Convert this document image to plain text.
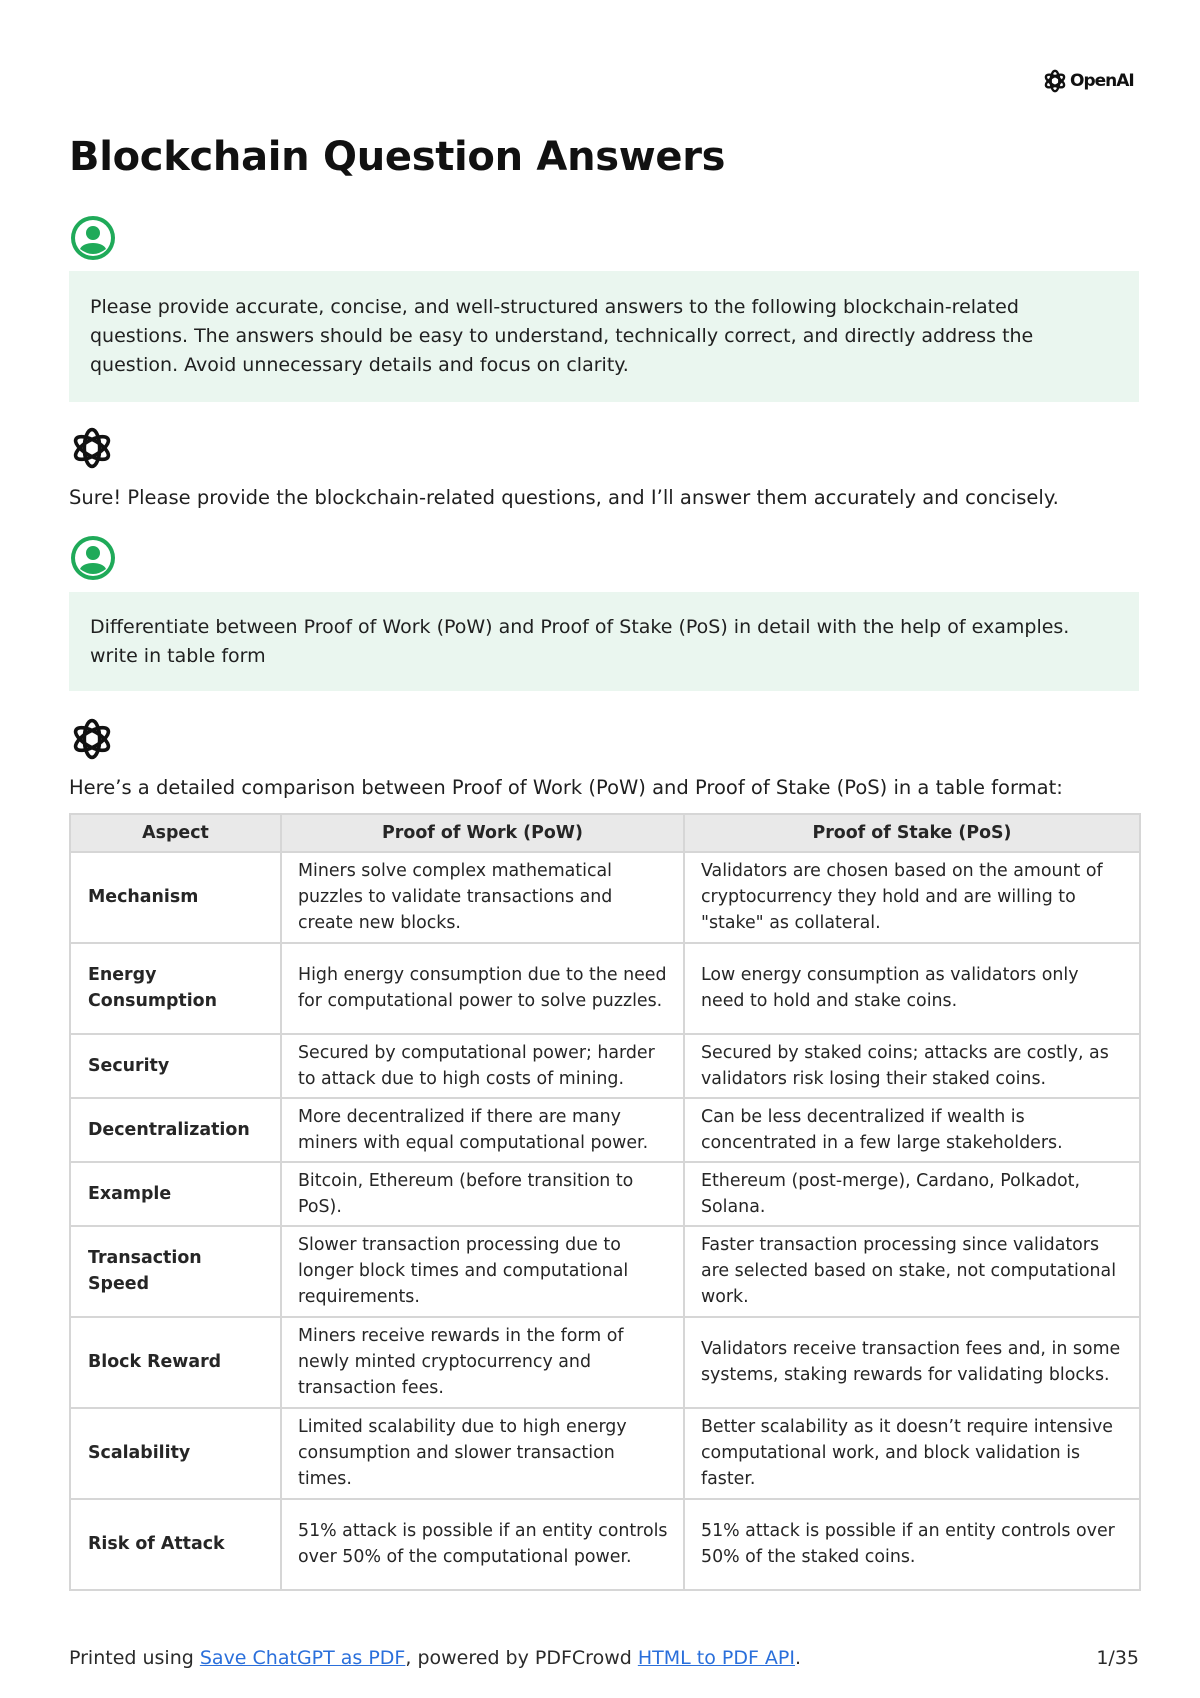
OpenAI
Blockchain Question Answers
Please provide accurate, concise, and well-structured answers to the following blockchain-related questions. The answers should be easy to understand, technically correct, and directly address the question. Avoid unnecessary details and focus on clarity.
Sure! Please provide the blockchain-related questions, and I’ll answer them accurately and concisely.
Differentiate between Proof of Work (PoW) and Proof of Stake (PoS) in detail with the help of examples. write in table form
Here’s a detailed comparison between Proof of Work (PoW) and Proof of Stake (PoS) in a table format:
Aspect	Proof of Work (PoW)	Proof of Stake (PoS)
Mechanism	Miners solve complex mathematical puzzles to validate transactions and create new blocks.	Validators are chosen based on the amount of cryptocurrency they hold and are willing to "stake" as collateral.
Energy Consumption	High energy consumption due to the need for computational power to solve puzzles.	Low energy consumption as validators only need to hold and stake coins.
Security	Secured by computational power; harder to attack due to high costs of mining.	Secured by staked coins; attacks are costly, as validators risk losing their staked coins.
Decentralization	More decentralized if there are many miners with equal computational power.	Can be less decentralized if wealth is concentrated in a few large stakeholders.
Example	Bitcoin, Ethereum (before transition to PoS).	Ethereum (post-merge), Cardano, Polkadot, Solana.
Transaction Speed	Slower transaction processing due to longer block times and computational requirements.	Faster transaction processing since validators are selected based on stake, not computational work.
Block Reward	Miners receive rewards in the form of newly minted cryptocurrency and transaction fees.	Validators receive transaction fees and, in some systems, staking rewards for validating blocks.
Scalability	Limited scalability due to high energy consumption and slower transaction times.	Better scalability as it doesn’t require intensive computational work, and block validation is faster.
Risk of Attack	51% attack is possible if an entity controls over 50% of the computational power.	51% attack is possible if an entity controls over 50% of the staked coins.
Printed using Save ChatGPT as PDF, powered by PDFCrowd HTML to PDF API.	1/35
